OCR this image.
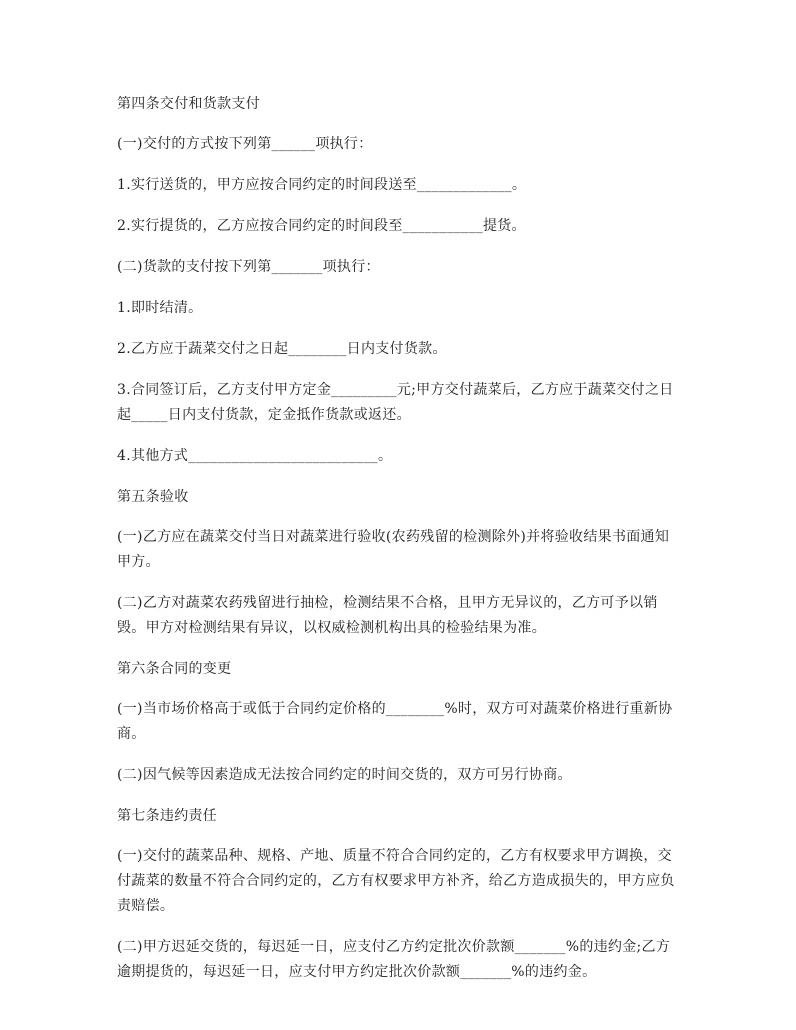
第四条交付和货款支付

(一)交付的方式按下列第______项执行：

1.实行送货的，甲方应按合同约定的时间段送至_____________。

2.实行提货的，乙方应按合同约定的时间段至___________提货。

(二)货款的支付按下列第_______项执行：

1.即时结清。

2.乙方应于蔬菜交付之日起________日内支付货款。

3.合同签订后，乙方支付甲方定金_________元;甲方交付蔬菜后，乙方应于蔬菜交付之日起_____日内支付货款，定金抵作货款或返还。

4.其他方式__________________________。

第五条验收

(一)乙方应在蔬菜交付当日对蔬菜进行验收(农药残留的检测除外)并将验收结果书面通知甲方。

(二)乙方对蔬菜农药残留进行抽检，检测结果不合格，且甲方无异议的，乙方可予以销毁。甲方对检测结果有异议，以权威检测机构出具的检验结果为准。

第六条合同的变更

(一)当市场价格高于或低于合同约定价格的________%时，双方可对蔬菜价格进行重新协商。

(二)因气候等因素造成无法按合同约定的时间交货的，双方可另行协商。

第七条违约责任

(一)交付的蔬菜品种、规格、产地、质量不符合合同约定的，乙方有权要求甲方调换，交付蔬菜的数量不符合合同约定的，乙方有权要求甲方补齐，给乙方造成损失的，甲方应负责赔偿。

(二)甲方迟延交货的，每迟延一日，应支付乙方约定批次价款额_______%的违约金;乙方逾期提货的，每迟延一日，应支付甲方约定批次价款额_______%的违约金。
